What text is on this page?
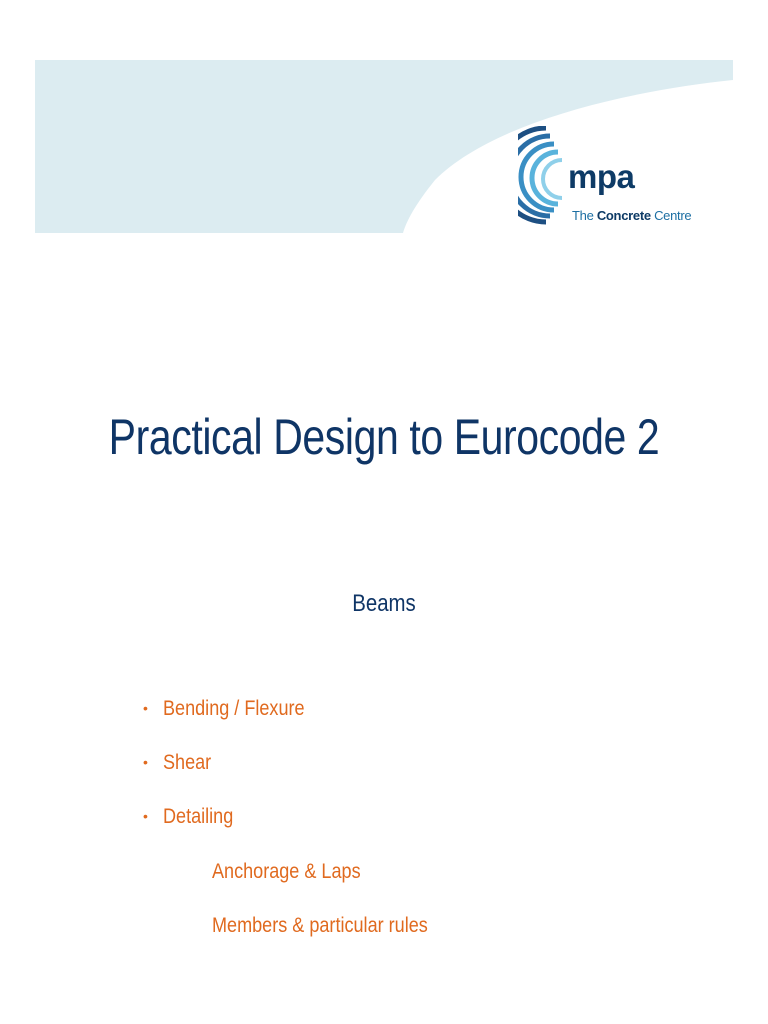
mpa
The Concrete Centre
Practical Design to Eurocode 2
Beams
• Bending / Flexure
• Shear
• Detailing
Anchorage & Laps
Members & particular rules
